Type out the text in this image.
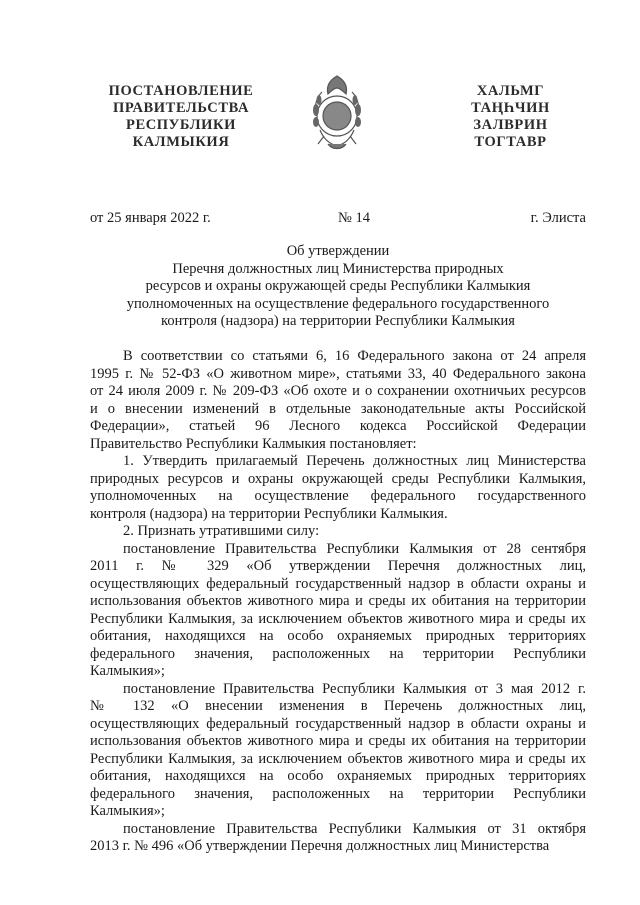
ПОСТАНОВЛЕНИЕ
ПРАВИТЕЛЬСТВА
РЕСПУБЛИКИ
КАЛМЫКИЯ
ХАЛЬМГ
ТАҢҺЧИН
ЗАЛВРИН
ТОГТАВР
от 25 января 2022 г.	№ 14	г. Элиста
Об утверждении
Перечня должностных лиц Министерства природных
ресурсов и охраны окружающей среды Республики Калмыкия
уполномоченных на осуществление федерального государственного
контроля (надзора) на территории Республики Калмыкия
В соответствии со статьями 6, 16 Федерального закона от 24 апреля
1995 г. № 52-ФЗ «О животном мире», статьями 33, 40 Федерального закона
от 24 июля 2009 г. № 209-ФЗ «Об охоте и о сохранении охотничьих ресурсов
и о внесении изменений в отдельные законодательные акты Российской
Федерации», статьей 96 Лесного кодекса Российской Федерации
Правительство Республики Калмыкия постановляет:
1. Утвердить прилагаемый Перечень должностных лиц Министерства
природных ресурсов и охраны окружающей среды Республики Калмыкия,
уполномоченных на осуществление федерального государственного
контроля (надзора) на территории Республики Калмыкия.
2. Признать утратившими силу:
постановление Правительства Республики Калмыкия от 28 сентября
2011 г. № 329 «Об утверждении Перечня должностных лиц,
осуществляющих федеральный государственный надзор в области охраны и
использования объектов животного мира и среды их обитания на территории
Республики Калмыкия, за исключением объектов животного мира и среды их
обитания, находящихся на особо охраняемых природных территориях
федерального значения, расположенных на территории Республики
Калмыкия»;
постановление Правительства Республики Калмыкия от 3 мая 2012 г.
№ 132 «О внесении изменения в Перечень должностных лиц,
осуществляющих федеральный государственный надзор в области охраны и
использования объектов животного мира и среды их обитания на территории
Республики Калмыкия, за исключением объектов животного мира и среды их
обитания, находящихся на особо охраняемых природных территориях
федерального значения, расположенных на территории Республики
Калмыкия»;
постановление Правительства Республики Калмыкия от 31 октября
2013 г. № 496 «Об утверждении Перечня должностных лиц Министерства
